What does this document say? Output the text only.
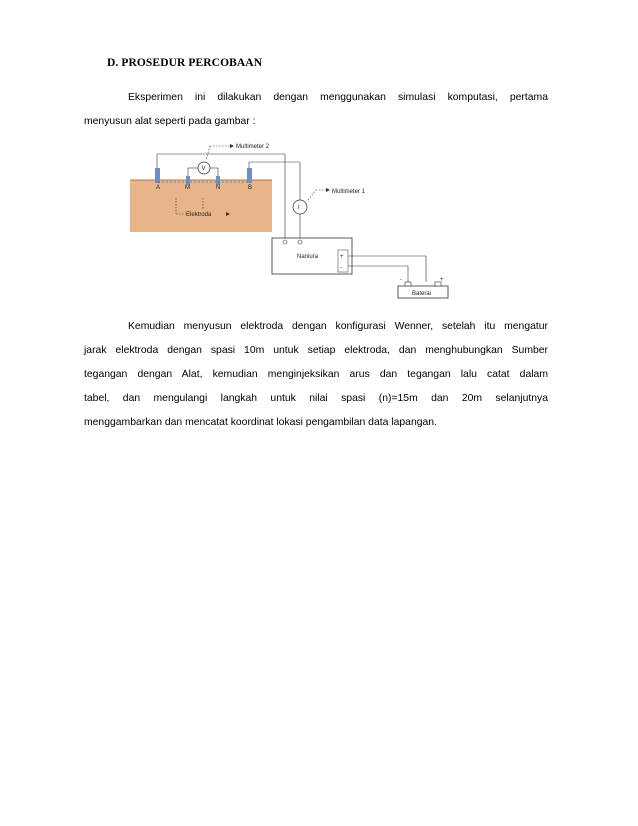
D. PROSEDUR PERCOBAAN
Eksperimen ini dilakukan dengan menggunakan simulasi komputasi, pertama
menyusun alat seperti pada gambar :
A	M	N	B
Elektroda
V
Multimeter 2
I
Multimeter 1
Naniura	+
-
-	+
Baterai
Kemudian menyusun elektroda dengan konfigurasi Wenner, setelah itu mengatur
jarak elektroda dengan spasi 10m untuk setiap elektroda, dan menghubungkan Sumber
tegangan dengan Alat, kemudian menginjeksikan arus dan tegangan lalu catat dalam
tabel, dan mengulangi langkah untuk nilai spasi (n)=15m dan 20m selanjutnya
menggambarkan dan mencatat koordinat lokasi pengambilan data lapangan.
